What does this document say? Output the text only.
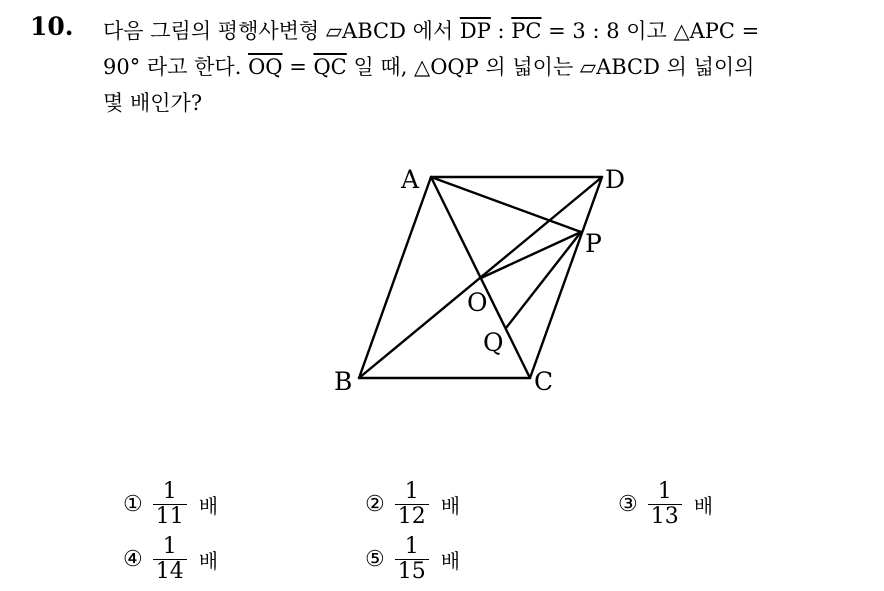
10. 다음 그림의 평행사변형 ▱ABCD 에서 $\overline{DP}$ : $\overline{PC} = 3$ : 8 이고 △APC =
90° 라고 한다. $\overline{OQ} = \overline{QC}$ 일 때, △OQP 의 넓이는 ▱ABCD 의 넓이의
몇 배인가?
A	D
P
O
Q
B	C
① $\frac{1}{11}$ 배	② $\frac{1}{12}$ 배	③ $\frac{1}{13}$ 배
④ $\frac{1}{14}$ 배	⑤ $\frac{1}{15}$ 배
